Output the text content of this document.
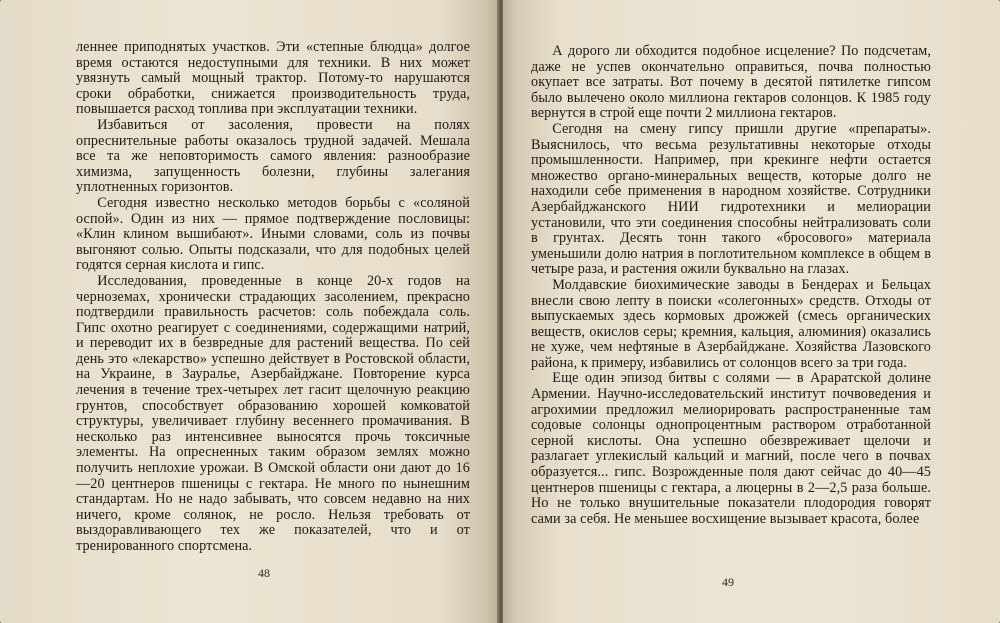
леннее приподнятых участков. Эти «степные блюдца» долгое время остаются недоступными для техники. В них может увязнуть самый мощный трактор. Потому-то нарушаются сроки обработки, снижается производительность труда, повышается расход топлива при эксплуатации техники.

Избавиться от засоления, провести на полях опреснительные работы оказалось трудной задачей. Мешала все та же неповторимость самого явления: разнообразие химизма, запущенность болезни, глубины залегания уплотненных горизонтов.

Сегодня известно несколько методов борьбы с «соляной оспой». Один из них — прямое подтверждение пословицы: «Клин клином вышибают». Иными словами, соль из почвы выгоняют солью. Опыты подсказали, что для подобных целей годятся серная кислота и гипс.

Исследования, проведенные в конце 20-х годов на черноземах, хронически страдающих засолением, прекрасно подтвердили правильность расчетов: соль побеждала соль. Гипс охотно реагирует с соединениями, содержащими натрий, и переводит их в безвредные для растений вещества. По сей день это «лекарство» успешно действует в Ростовской области, на Украине, в Зауралье, Азербайджане. Повторение курса лечения в течение трех-четырех лет гасит щелочную реакцию грунтов, способствует образованию хорошей комковатой структуры, увеличивает глубину весеннего промачивания. В несколько раз интенсивнее выносятся прочь токсичные элементы. На опресненных таким образом землях можно получить неплохие урожаи. В Омской области они дают до 16—20 центнеров пшеницы с гектара. Не много по нынешним стандартам. Но не надо забывать, что совсем недавно на них ничего, кроме солянок, не росло. Нельзя требовать от выздоравливающего тех же показателей, что и от тренированного спортсмена.

48

А дорого ли обходится подобное исцеление? По подсчетам, даже не успев окончательно оправиться, почва полностью окупает все затраты. Вот почему в десятой пятилетке гипсом было вылечено около миллиона гектаров солонцов. К 1985 году вернутся в строй еще почти 2 миллиона гектаров.

Сегодня на смену гипсу пришли другие «препараты». Выяснилось, что весьма результативны некоторые отходы промышленности. Например, при крекинге нефти остается множество органо-минеральных веществ, которые долго не находили себе применения в народном хозяйстве. Сотрудники Азербайджанского НИИ гидротехники и мелиорации установили, что эти соединения способны нейтрализовать соли в грунтах. Десять тонн такого «бросового» материала уменьшили долю натрия в поглотительном комплексе в общем в четыре раза, и растения ожили буквально на глазах.

Молдавские биохимические заводы в Бендерах и Бельцах внесли свою лепту в поиски «солегонных» средств. Отходы от выпускаемых здесь кормовых дрожжей (смесь органических веществ, окислов серы; кремния, кальция, алюминия) оказались не хуже, чем нефтяные в Азербайджане. Хозяйства Лазовского района, к примеру, избавились от солонцов всего за три года.

Еще один эпизод битвы с солями — в Араратской долине Армении. Научно-исследовательский институт почвоведения и агрохимии предложил мелиорировать распространенные там содовые солонцы однопроцентным раствором отработанной серной кислоты. Она успешно обезвреживает щелочи и разлагает углекислый кальций и магний, после чего в почвах образуется... гипс. Возрожденные поля дают сейчас до 40—45 центнеров пшеницы с гектара, а люцерны в 2—2,5 раза больше. Но не только внушительные показатели плодородия говорят сами за себя. Не меньшее восхищение вызывает красота, более

49
